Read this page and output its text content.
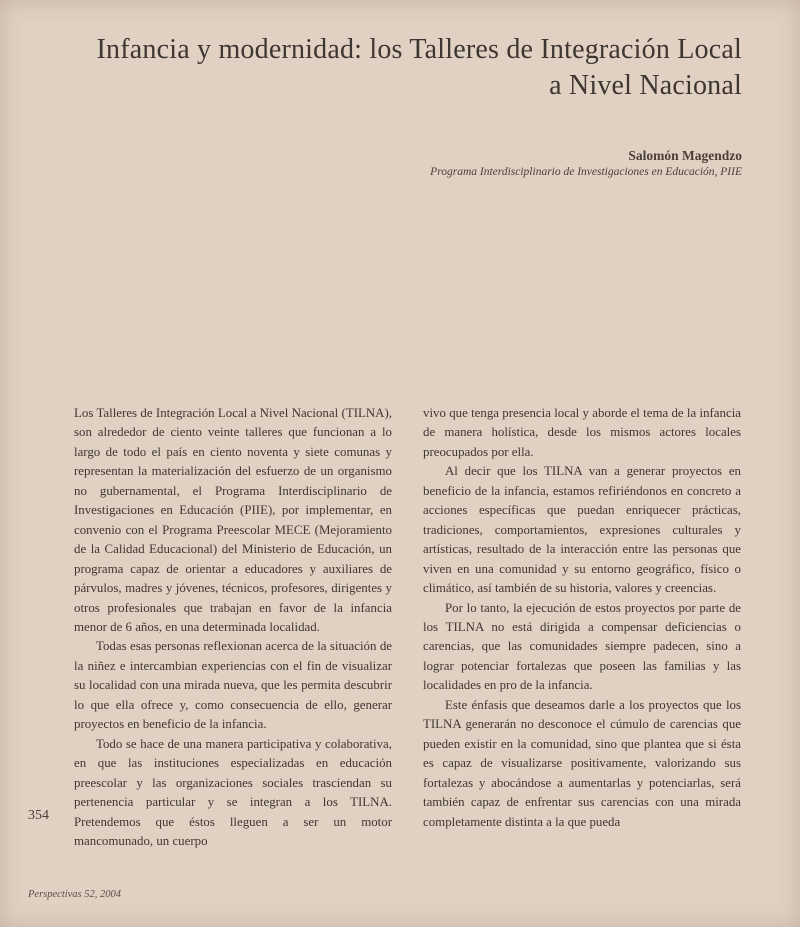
Infancia y modernidad: los Talleres de Integración Local
a Nivel Nacional
Salomón Magendzo
Programa Interdisciplinario de Investigaciones en Educación, PIIE

Los Talleres de Integración Local a Nivel Nacional (TILNA), son alrededor de ciento veinte talleres que funcionan a lo largo de todo el país en ciento noventa y siete comunas y representan la materialización del esfuerzo de un organismo no gubernamental, el Programa Interdisciplinario de Investigaciones en Educación (PIIE), por implementar, en convenio con el Programa Preescolar MECE (Mejoramiento de la Calidad Educacional) del Ministerio de Educación, un programa capaz de orientar a educadores y auxiliares de párvulos, madres y jóvenes, técnicos, profesores, dirigentes y otros profesionales que trabajan en favor de la infancia menor de 6 años, en una determinada localidad.

Todas esas personas reflexionan acerca de la situación de la niñez e intercambian experiencias con el fin de visualizar su localidad con una mirada nueva, que les permita descubrir lo que ella ofrece y, como consecuencia de ello, generar proyectos en beneficio de la infancia.

Todo se hace de una manera participativa y colaborativa, en que las instituciones especializadas en educación preescolar y las organizaciones sociales trasciendan su pertenencia particular y se integran a los TILNA. Pretendemos que éstos lleguen a ser un motor mancomunado, un cuerpo

vivo que tenga presencia local y aborde el tema de la infancia de manera holística, desde los mismos actores locales preocupados por ella.

Al decir que los TILNA van a generar proyectos en beneficio de la infancia, estamos refiriéndonos en concreto a acciones específicas que puedan enriquecer prácticas, tradiciones, comportamientos, expresiones culturales y artísticas, resultado de la interacción entre las personas que viven en una comunidad y su entorno geográfico, físico o climático, así también de su historia, valores y creencias.

Por lo tanto, la ejecución de estos proyectos por parte de los TILNA no está dirigida a compensar deficiencias o carencias, que las comunidades siempre padecen, sino a lograr potenciar fortalezas que poseen las familias y las localidades en pro de la infancia.

Este énfasis que deseamos darle a los proyectos que los TILNA generarán no desconoce el cúmulo de carencias que pueden existir en la comunidad, sino que plantea que si ésta es capaz de visualizarse positivamente, valorizando sus fortalezas y abocándose a aumentarlas y potenciarlas, será también capaz de enfrentar sus carencias con una mirada completamente distinta a la que pueda

354
Perspectivas 52, 2004
